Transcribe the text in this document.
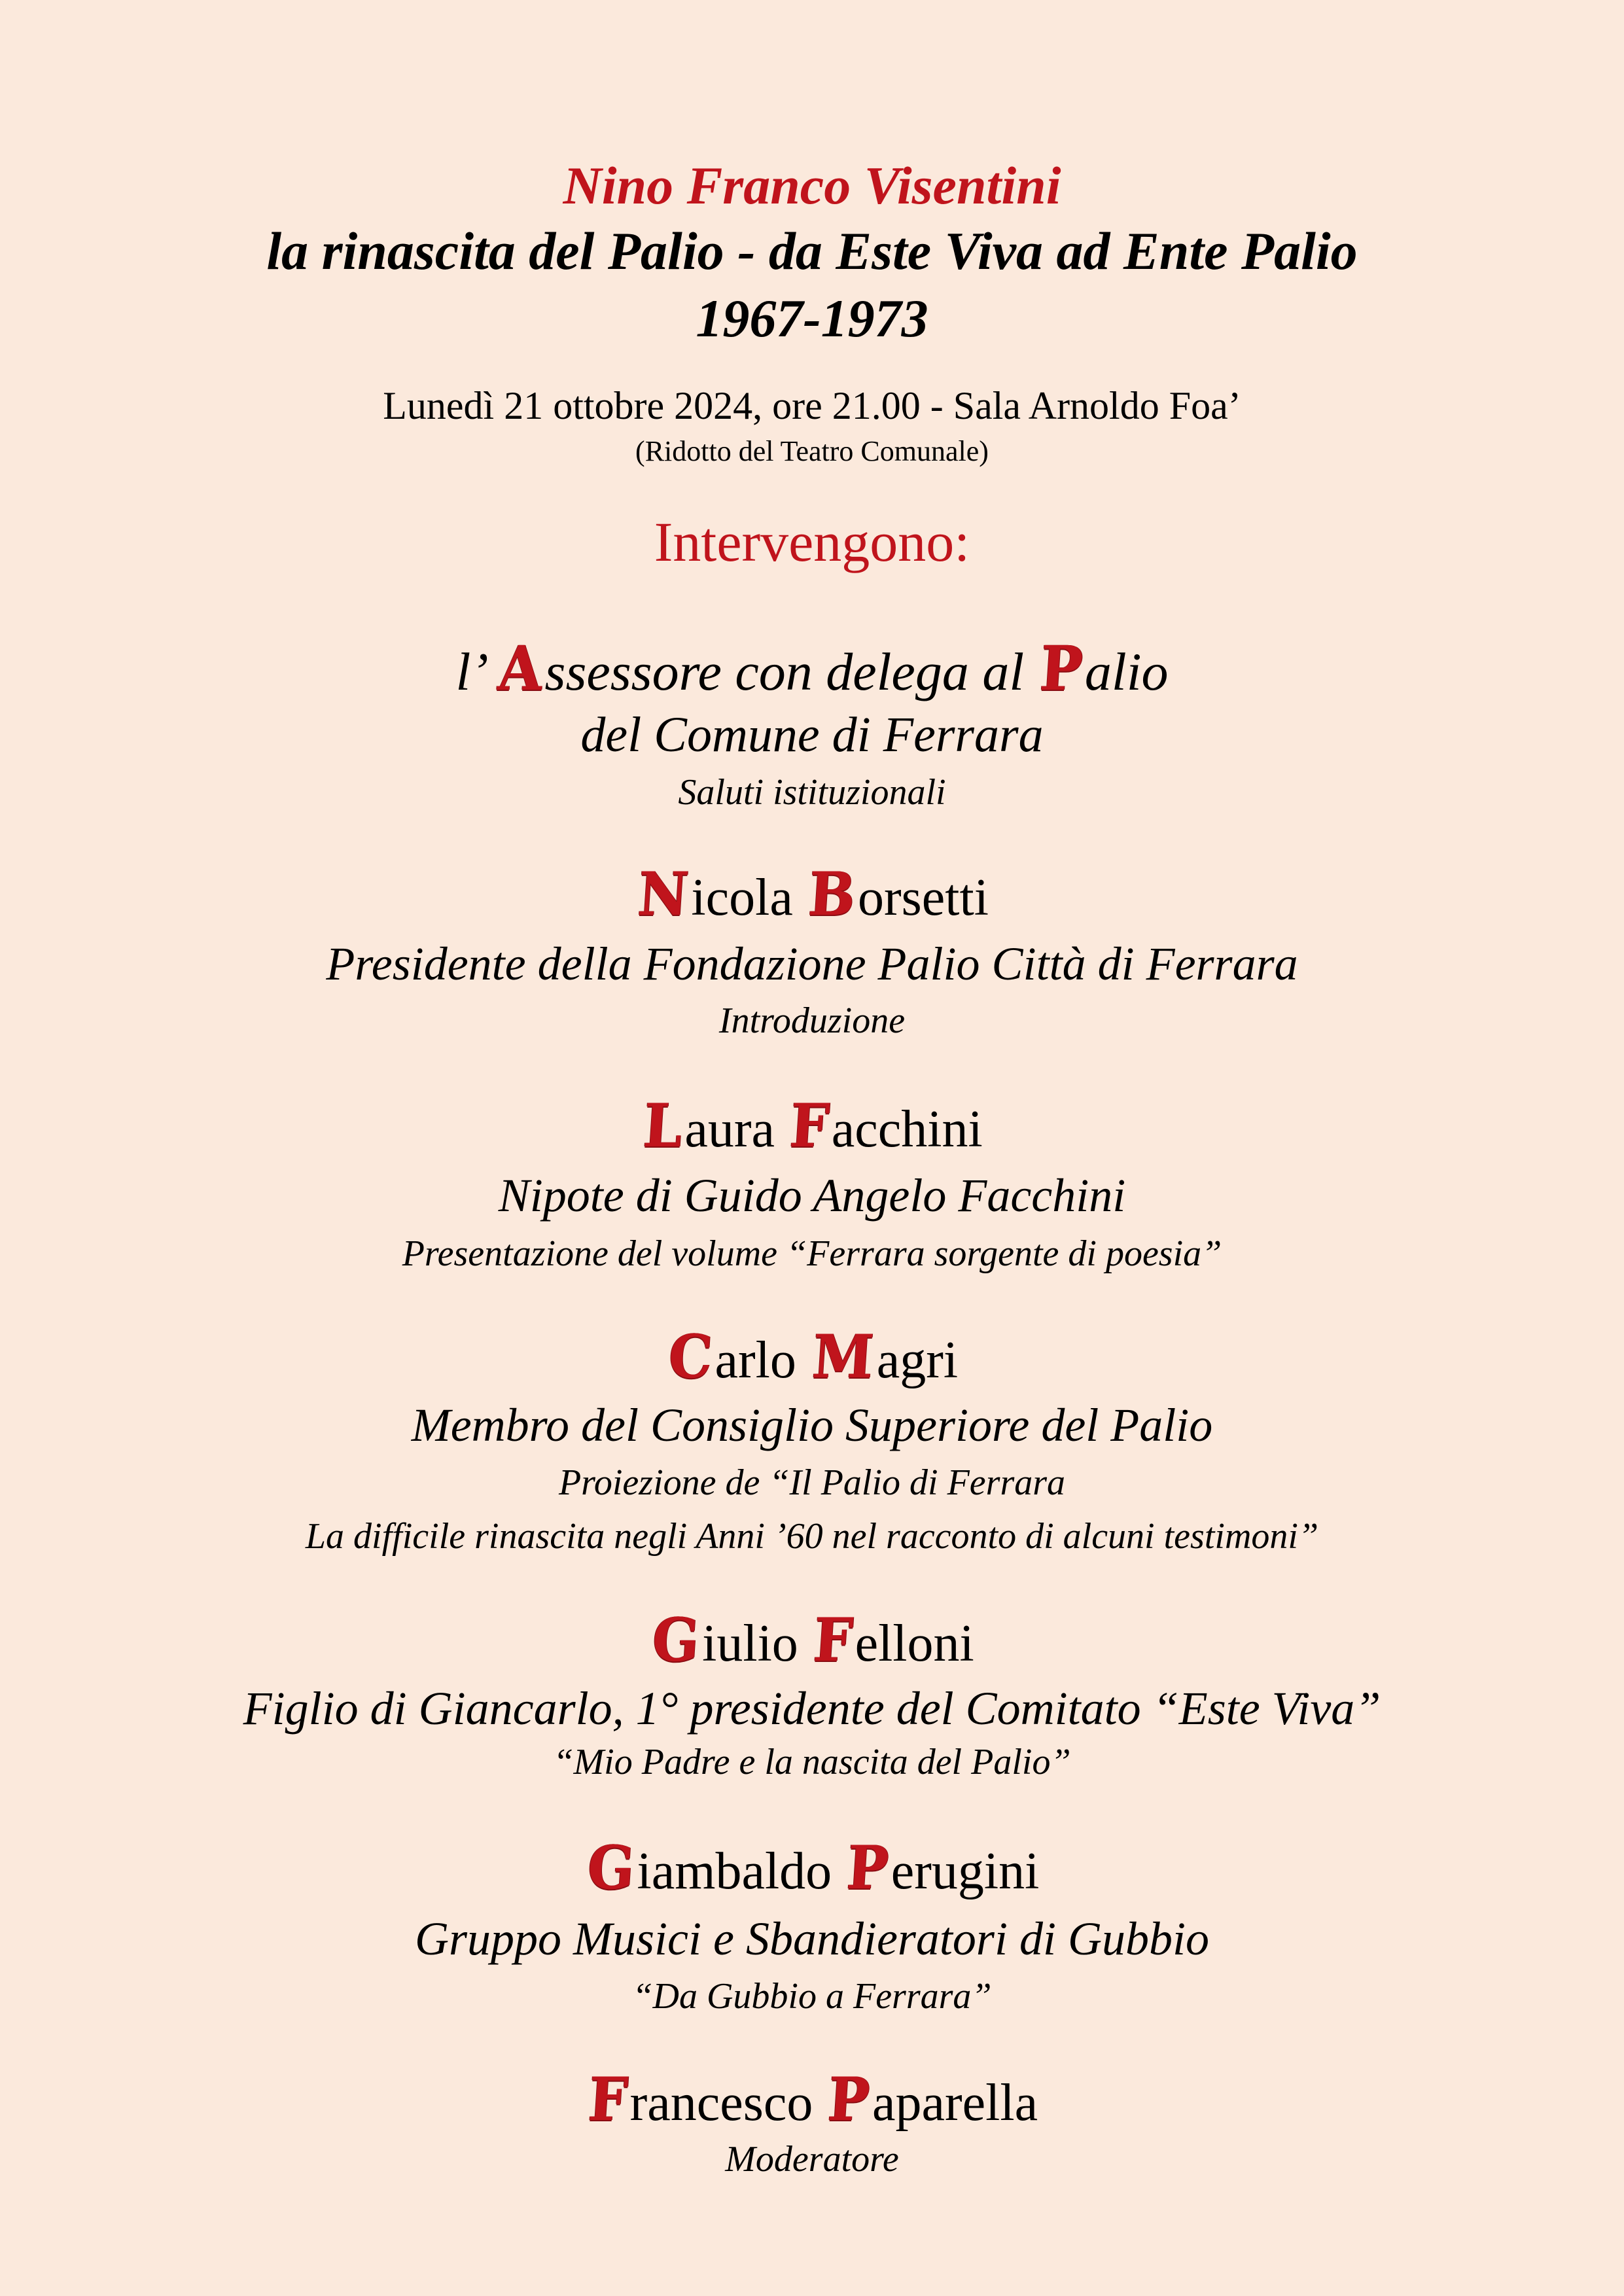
Nino Franco Visentini
la rinascita del Palio - da Este Viva ad Ente Palio
1967-1973
Lunedì 21 ottobre 2024, ore 21.00 - Sala Arnoldo Foa’
(Ridotto del Teatro Comunale)
Intervengono:
l’ Assessore con delega al Palio
del Comune di Ferrara
Saluti istituzionali
Nicola Borsetti
Presidente della Fondazione Palio Città di Ferrara
Introduzione
Laura Facchini
Nipote di Guido Angelo Facchini
Presentazione del volume “Ferrara sorgente di poesia”
Carlo Magri
Membro del Consiglio Superiore del Palio
Proiezione de “Il Palio di Ferrara
La difficile rinascita negli Anni ’60 nel racconto di alcuni testimoni”
Giulio Felloni
Figlio di Giancarlo, 1° presidente del Comitato “Este Viva”
“Mio Padre e la nascita del Palio”
Giambaldo Perugini
Gruppo Musici e Sbandieratori di Gubbio
“Da Gubbio a Ferrara”
Francesco Paparella
Moderatore
